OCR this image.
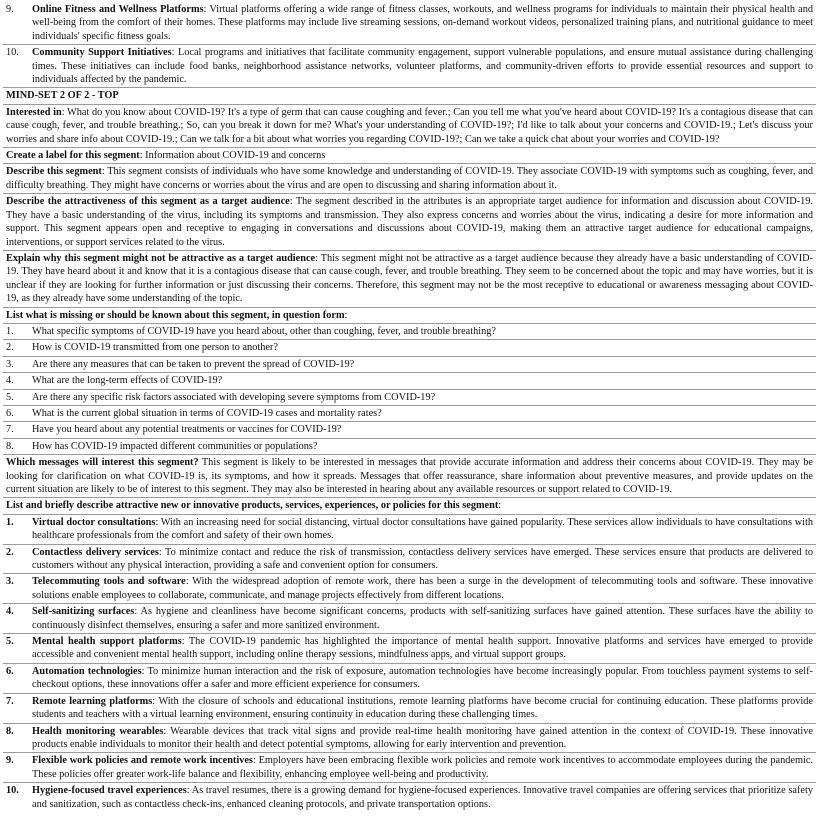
9.	Online Fitness and Wellness Platforms: Virtual platforms offering a wide range of fitness classes, workouts, and wellness programs for individuals to maintain their physical health and well-being from the comfort of their homes. These platforms may include live streaming sessions, on-demand workout videos, personalized training plans, and nutritional guidance to meet individuals' specific fitness goals.
10.	Community Support Initiatives: Local programs and initiatives that facilitate community engagement, support vulnerable populations, and ensure mutual assistance during challenging times. These initiatives can include food banks, neighborhood assistance networks, volunteer platforms, and community-driven efforts to provide essential resources and support to individuals affected by the pandemic.
MIND-SET 2 OF 2 - TOP
Interested in: What do you know about COVID-19? It's a type of germ that can cause coughing and fever.; Can you tell me what you've heard about COVID-19? It's a contagious disease that can cause cough, fever, and trouble breathing.; So, can you break it down for me? What's your understanding of COVID-19?; I'd like to talk about your concerns and COVID-19.; Let's discuss your worries and share info about COVID-19.; Can we talk for a bit about what worries you regarding COVID-19?; Can we take a quick chat about your worries and COVID-19?
Create a label for this segment: Information about COVID-19 and concerns
Describe this segment: This segment consists of individuals who have some knowledge and understanding of COVID-19. They associate COVID-19 with symptoms such as coughing, fever, and difficulty breathing. They might have concerns or worries about the virus and are open to discussing and sharing information about it.
Describe the attractiveness of this segment as a target audience: The segment described in the attributes is an appropriate target audience for information and discussion about COVID-19. They have a basic understanding of the virus, including its symptoms and transmission. They also express concerns and worries about the virus, indicating a desire for more information and support. This segment appears open and receptive to engaging in conversations and discussions about COVID-19, making them an attractive target audience for educational campaigns, interventions, or support services related to the virus.
Explain why this segment might not be attractive as a target audience: This segment might not be attractive as a target audience because they already have a basic understanding of COVID-19. They have heard about it and know that it is a contagious disease that can cause cough, fever, and trouble breathing. They seem to be concerned about the topic and may have worries, but it is unclear if they are looking for further information or just discussing their concerns. Therefore, this segment may not be the most receptive to educational or awareness messaging about COVID-19, as they already have some understanding of the topic.
List what is missing or should be known about this segment, in question form:
1.	What specific symptoms of COVID-19 have you heard about, other than coughing, fever, and trouble breathing?
2.	How is COVID-19 transmitted from one person to another?
3.	Are there any measures that can be taken to prevent the spread of COVID-19?
4.	What are the long-term effects of COVID-19?
5.	Are there any specific risk factors associated with developing severe symptoms from COVID-19?
6.	What is the current global situation in terms of COVID-19 cases and mortality rates?
7.	Have you heard about any potential treatments or vaccines for COVID-19?
8.	How has COVID-19 impacted different communities or populations?
Which messages will interest this segment? This segment is likely to be interested in messages that provide accurate information and address their concerns about COVID-19. They may be looking for clarification on what COVID-19 is, its symptoms, and how it spreads. Messages that offer reassurance, share information about preventive measures, and provide updates on the current situation are likely to be of interest to this segment. They may also be interested in hearing about any available resources or support related to COVID-19.
List and briefly describe attractive new or innovative products, services, experiences, or policies for this segment:
1.	Virtual doctor consultations: With an increasing need for social distancing, virtual doctor consultations have gained popularity. These services allow individuals to have consultations with healthcare professionals from the comfort and safety of their own homes.
2.	Contactless delivery services: To minimize contact and reduce the risk of transmission, contactless delivery services have emerged. These services ensure that products are delivered to customers without any physical interaction, providing a safe and convenient option for consumers.
3.	Telecommuting tools and software: With the widespread adoption of remote work, there has been a surge in the development of telecommuting tools and software. These innovative solutions enable employees to collaborate, communicate, and manage projects effectively from different locations.
4.	Self-sanitizing surfaces: As hygiene and cleanliness have become significant concerns, products with self-sanitizing surfaces have gained attention. These surfaces have the ability to continuously disinfect themselves, ensuring a safer and more sanitized environment.
5.	Mental health support platforms: The COVID-19 pandemic has highlighted the importance of mental health support. Innovative platforms and services have emerged to provide accessible and convenient mental health support, including online therapy sessions, mindfulness apps, and virtual support groups.
6.	Automation technologies: To minimize human interaction and the risk of exposure, automation technologies have become increasingly popular. From touchless payment systems to self-checkout options, these innovations offer a safer and more efficient experience for consumers.
7.	Remote learning platforms: With the closure of schools and educational institutions, remote learning platforms have become crucial for continuing education. These platforms provide students and teachers with a virtual learning environment, ensuring continuity in education during these challenging times.
8.	Health monitoring wearables: Wearable devices that track vital signs and provide real-time health monitoring have gained attention in the context of COVID-19. These innovative products enable individuals to monitor their health and detect potential symptoms, allowing for early intervention and prevention.
9.	Flexible work policies and remote work incentives: Employers have been embracing flexible work policies and remote work incentives to accommodate employees during the pandemic. These policies offer greater work-life balance and flexibility, enhancing employee well-being and productivity.
10.	Hygiene-focused travel experiences: As travel resumes, there is a growing demand for hygiene-focused experiences. Innovative travel companies are offering services that prioritize safety and sanitization, such as contactless check-ins, enhanced cleaning protocols, and private transportation options.
